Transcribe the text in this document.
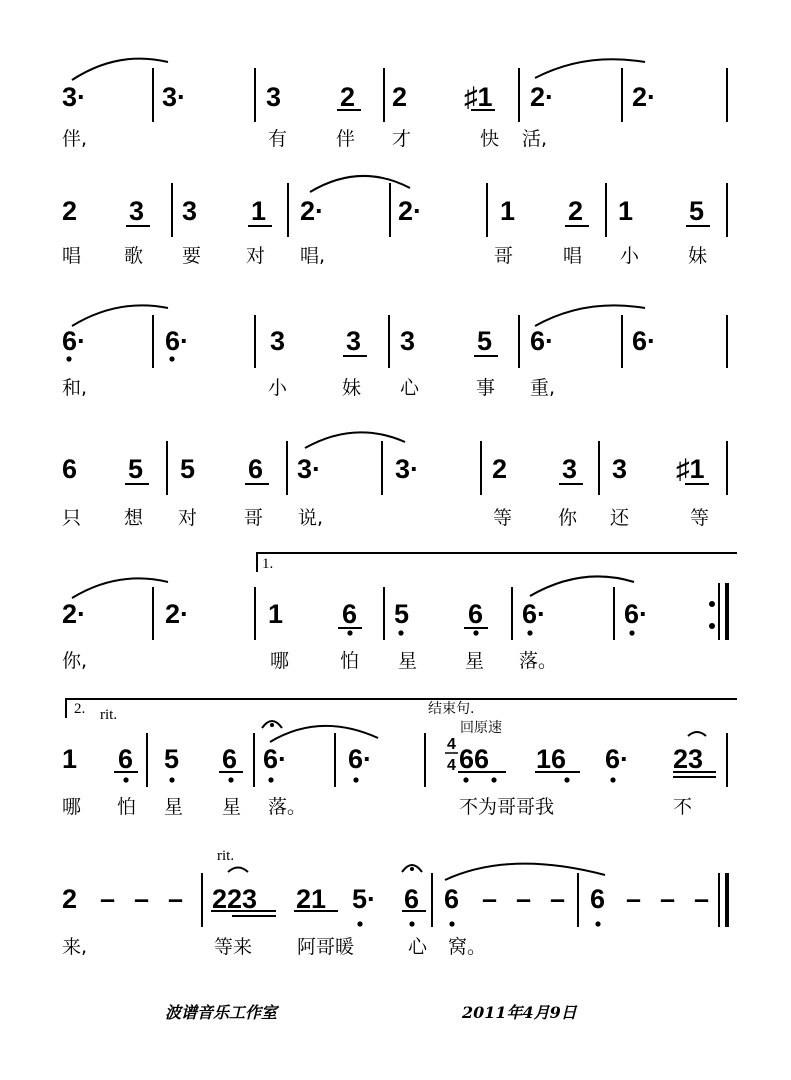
3·	3·	3 2 2 ♯1 2·	2·
伴,	有	伴 才	快 活,
2 3 3 1 2·	2·	1 2 1 5
唱 歌 要 对 唱,	哥	唱 小	妹
6·	6·	3 3 3 5 6·	6·
和,	小	妹 心	事 重,
6 5 5 6 3·	3·	2 3 3 ♯1
只 想 对 哥 说,	等 你 还	等
1.
2·	2·	1 6 5 6 6·	6·
你,	哪	怕 星	星 落。
2. rit.	结束句.
回原速
4
4
1 6 5 6 6· 6·	66 16 6· 23
哪 怕 星 星 落。	不为哥哥我	不
rit.
2 – – – 223 21 5· 6 6 – – – 6 – – –
来,	等来 阿哥暖	心 窝。
波谱音乐工作室	2011年4月9日
